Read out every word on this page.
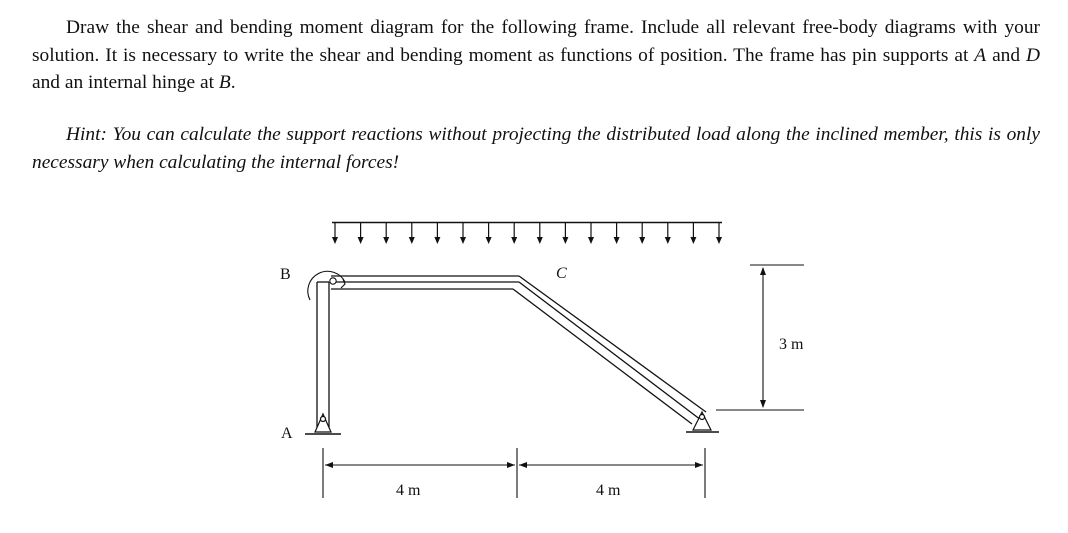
Draw the shear and bending moment diagram for the following frame. Include all relevant free-body diagrams with your solution. It is necessary to write the shear and bending moment as functions of position. The frame has pin supports at A and D and an internal hinge at B.

Hint: You can calculate the support reactions without projecting the distributed load along the inclined member, this is only necessary when calculating the internal forces!

B	C
A
4 m	4 m
3 m
